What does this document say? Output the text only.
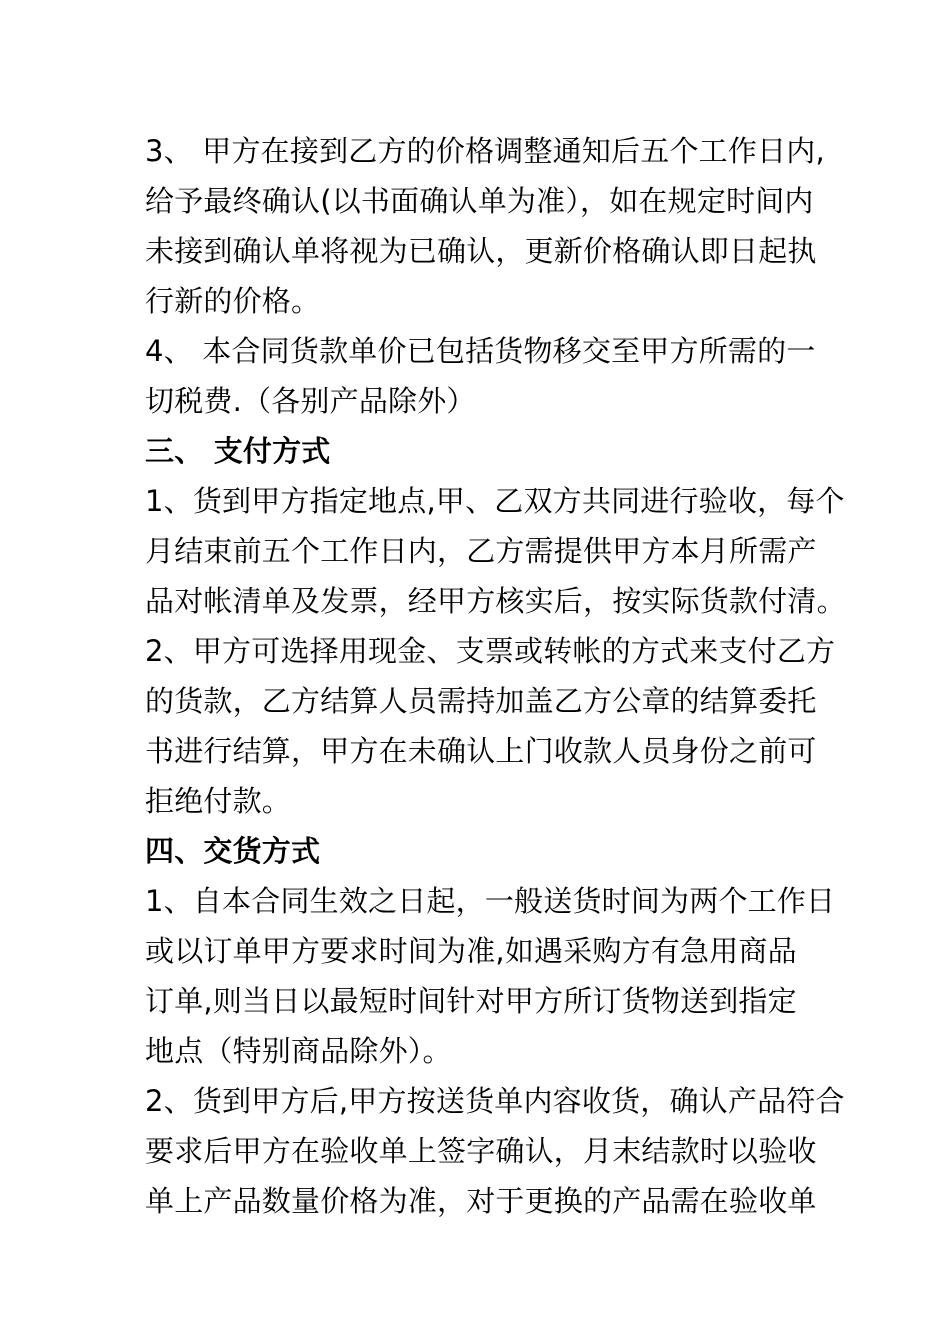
3、 甲方在接到乙方的价格调整通知后五个工作日内,
给予最终确认(以书面确认单为准），如在规定时间内
未接到确认单将视为已确认，更新价格确认即日起执
行新的价格。
4、 本合同货款单价已包括货物移交至甲方所需的一
切税费.（各别产品除外）
三、 支付方式
1、货到甲方指定地点,甲、乙双方共同进行验收，每个
月结束前五个工作日内，乙方需提供甲方本月所需产
品对帐清单及发票，经甲方核实后，按实际货款付清。
2、甲方可选择用现金、支票或转帐的方式来支付乙方
的货款，乙方结算人员需持加盖乙方公章的结算委托
书进行结算，甲方在未确认上门收款人员身份之前可
拒绝付款。
四、交货方式
1、自本合同生效之日起，一般送货时间为两个工作日
或以订单甲方要求时间为准,如遇采购方有急用商品
订单,则当日以最短时间针对甲方所订货物送到指定
地点（特别商品除外）。
2、货到甲方后,甲方按送货单内容收货，确认产品符合
要求后甲方在验收单上签字确认，月末结款时以验收
单上产品数量价格为准，对于更换的产品需在验收单
